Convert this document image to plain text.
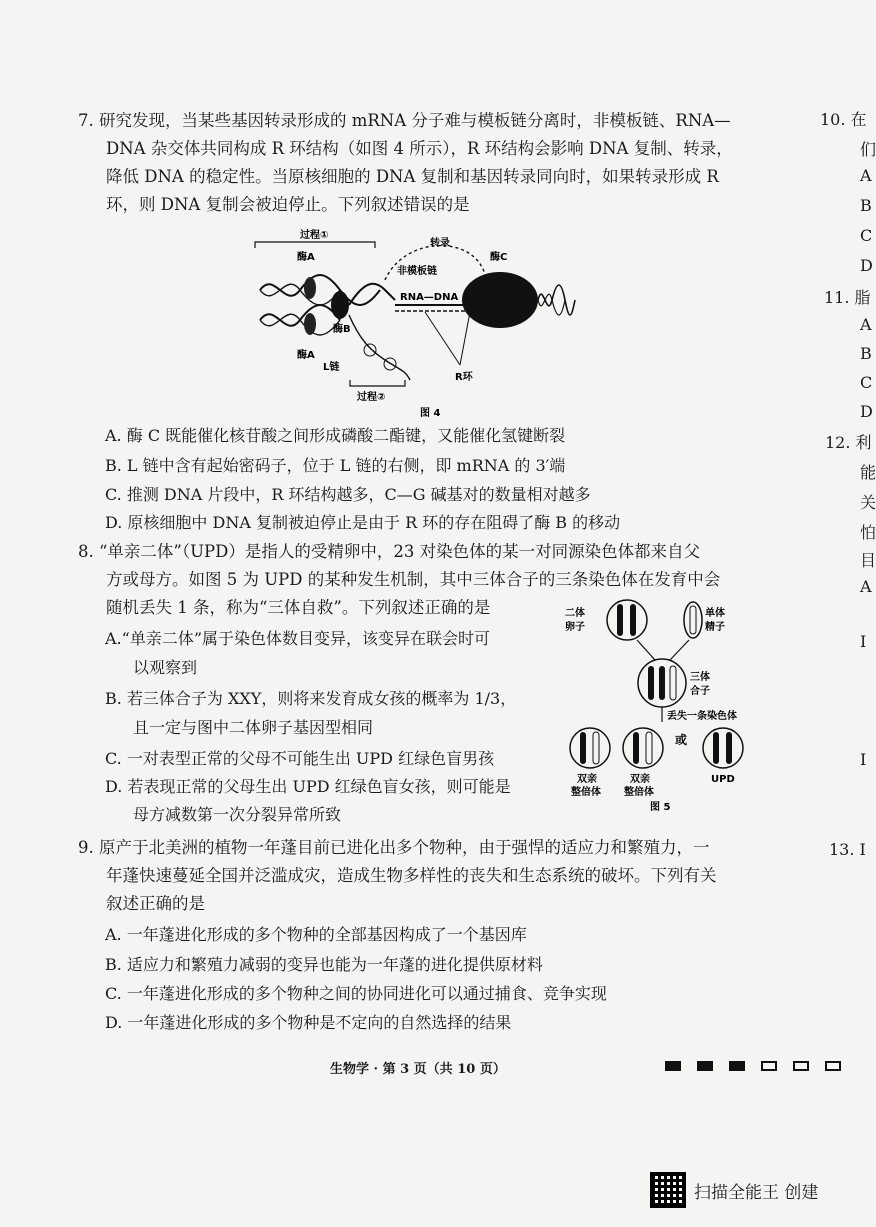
7. 研究发现，当某些基因转录形成的 mRNA 分子难与模板链分离时，非模板链、RNA—

DNA 杂交体共同构成 R 环结构（如图 4 所示），R 环结构会影响 DNA 复制、转录，

降低 DNA 的稳定性。当原核细胞的 DNA 复制和基因转录同向时，如果转录形成 R

环，则 DNA 复制会被迫停止。下列叙述错误的是

过程①
酶A
酶A
酶B
转录
非模板链
RNA—DNA
酶C
R环
L链
过程②
图 4
A. 酶 C 既能催化核苷酸之间形成磷酸二酯键，又能催化氢键断裂
B. L 链中含有起始密码子，位于 L 链的右侧，即 mRNA 的 3′端
C. 推测 DNA 片段中，R 环结构越多，C—G 碱基对的数量相对越多
D. 原核细胞中 DNA 复制被迫停止是由于 R 环的存在阻碍了酶 B 的移动

8. “单亲二体”（UPD）是指人的受精卵中，23 对染色体的某一对同源染色体都来自父

方或母方。如图 5 为 UPD 的某种发生机制，其中三体合子的三条染色体在发育中会

随机丢失 1 条，称为“三体自救”。下列叙述正确的是

A.“单亲二体”属于染色体数目变异，该变异在联会时可
以观察到
B. 若三体合子为 XXY，则将来发育成女孩的概率为 1/3，
且一定与图中二体卵子基因型相同
C. 一对表型正常的父母不可能生出 UPD 红绿色盲男孩
D. 若表现正常的父母生出 UPD 红绿色盲女孩，则可能是
母方减数第一次分裂异常所致
二体
卵子
单体
精子
三体
合子
丢失一条染色体
或
双亲
整倍体
双亲
整倍体
UPD
图 5

9. 原产于北美洲的植物一年蓬目前已进化出多个物种，由于强悍的适应力和繁殖力，一

年蓬快速蔓延全国并泛滥成灾，造成生物多样性的丧失和生态系统的破坏。下列有关

叙述正确的是

A. 一年蓬进化形成的多个物种的全部基因构成了一个基因库
B. 适应力和繁殖力减弱的变异也能为一年蓬的进化提供原材料
C. 一年蓬进化形成的多个物种之间的协同进化可以通过捕食、竞争实现
D. 一年蓬进化形成的多个物种是不定向的自然选择的结果
生物学 · 第 3 页（共 10 页）
10. 在
们
A
B
C
D
11. 脂
A
B
C
D
12. 利
能
关
怕
目
A
I
I
13. I
扫描全能王 创建
